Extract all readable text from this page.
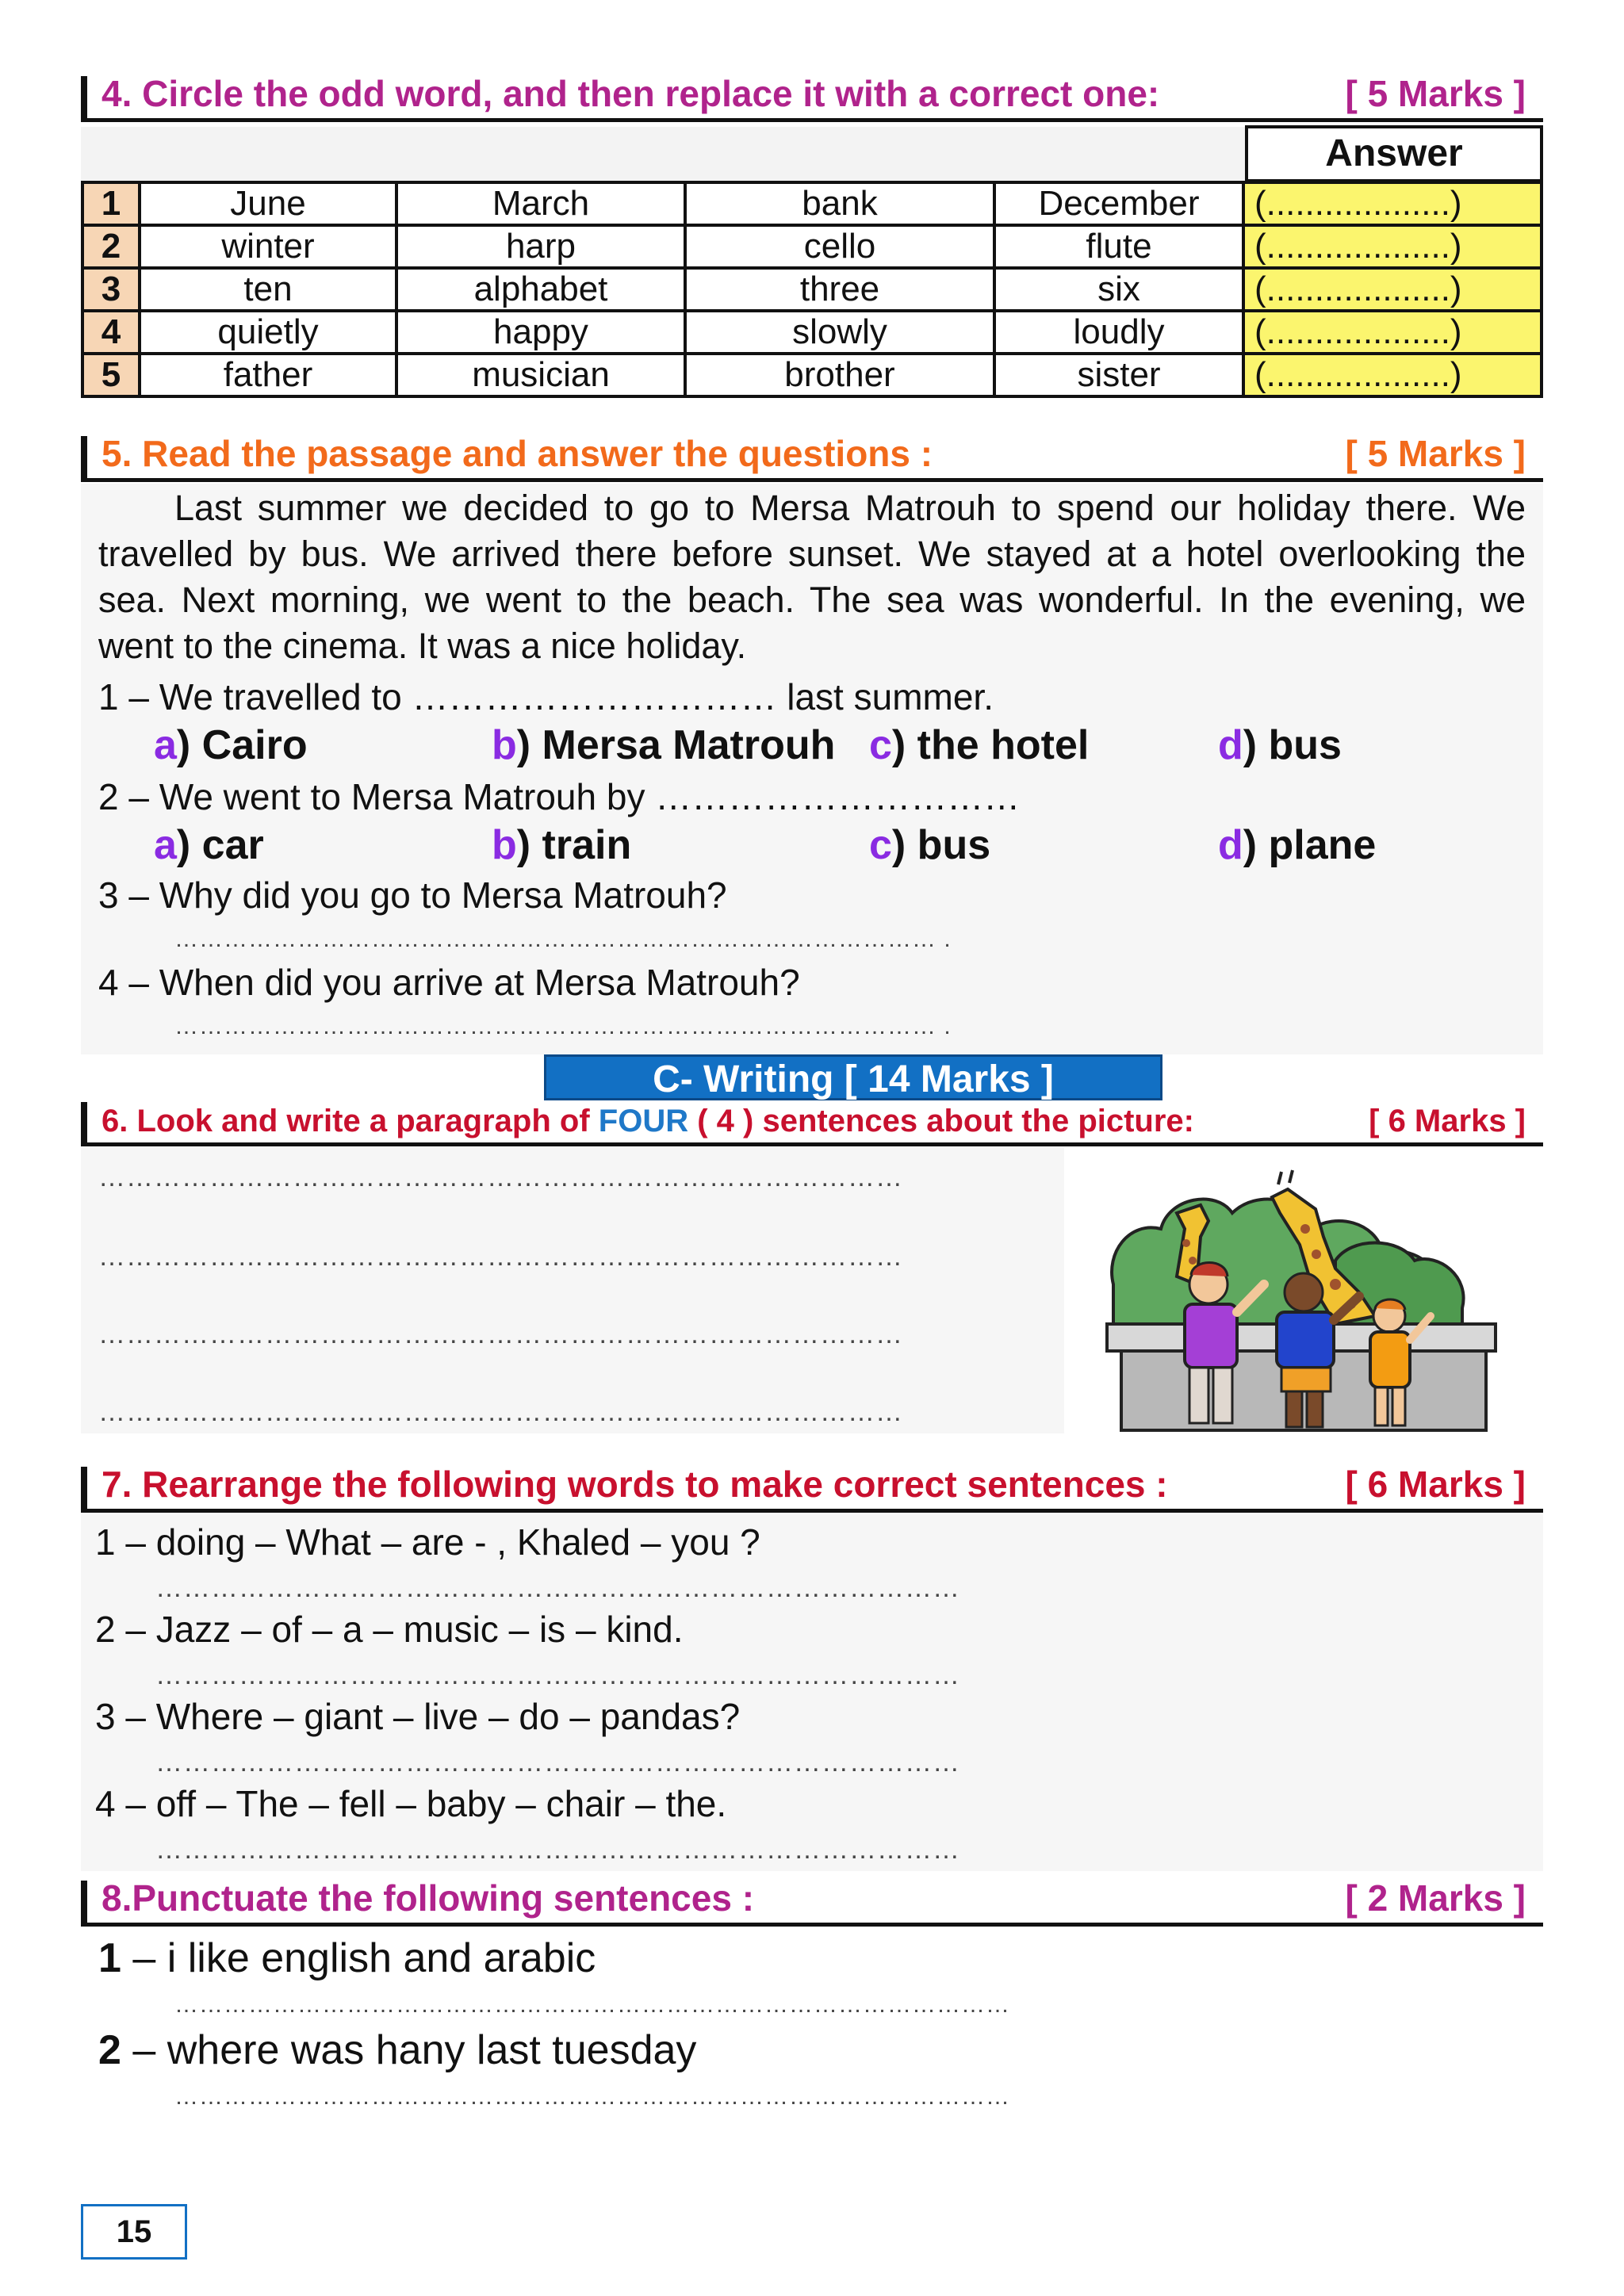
4. Circle the odd word, and then replace it with a correct one:	[ 5 Marks ]
Answer
1	June	March	bank	December	(...................)
2	winter	harp	cello	flute	(...................)
3	ten	alphabet	three	six	(...................)
4	quietly	happy	slowly	loudly	(...................)
5	father	musician	brother	sister	(...................)
5. Read the passage and answer the questions :	[ 5 Marks ]
Last summer we decided to go to Mersa Matrouh to spend our holiday there. We travelled by bus. We arrived there before sunset. We stayed at a hotel overlooking the sea. Next morning, we went to the beach. The sea was wonderful. In the evening, we went to the cinema. It was a nice holiday.
1 – We travelled to ………………………… last summer.
a) Cairo	b) Mersa Matrouh c) the hotel	d) bus
2 – We went to Mersa Matrouh by …………………………
a) car	b) train	c) bus	d) plane
3 – Why did you go to Mersa Matrouh?
………………………………………………………………………………… .
4 – When did you arrive at Mersa Matrouh?
………………………………………………………………………………… .
C- Writing [ 14 Marks ]
6. Look and write a paragraph of FOUR ( 4 ) sentences about the picture:	[ 6 Marks ]
……………………………………………………………………………
……………………………………………………………………………
……………………………………………………………………………
……………………………………………………………………………
7. Rearrange the following words to make correct sentences :	[ 6 Marks ]
1 – doing – What – are - , Khaled – you ?
……………………………………………………………………………
2 – Jazz – of – a – music – is – kind.
……………………………………………………………………………
3 – Where – giant – live – do – pandas?
……………………………………………………………………………
4 – off – The – fell – baby – chair – the.
……………………………………………………………………………
8.Punctuate the following sentences :	[ 2 Marks ]
1 – i like english and arabic
…………………………………………………………………………………………
2 – where was hany last tuesday
…………………………………………………………………………………………
15
